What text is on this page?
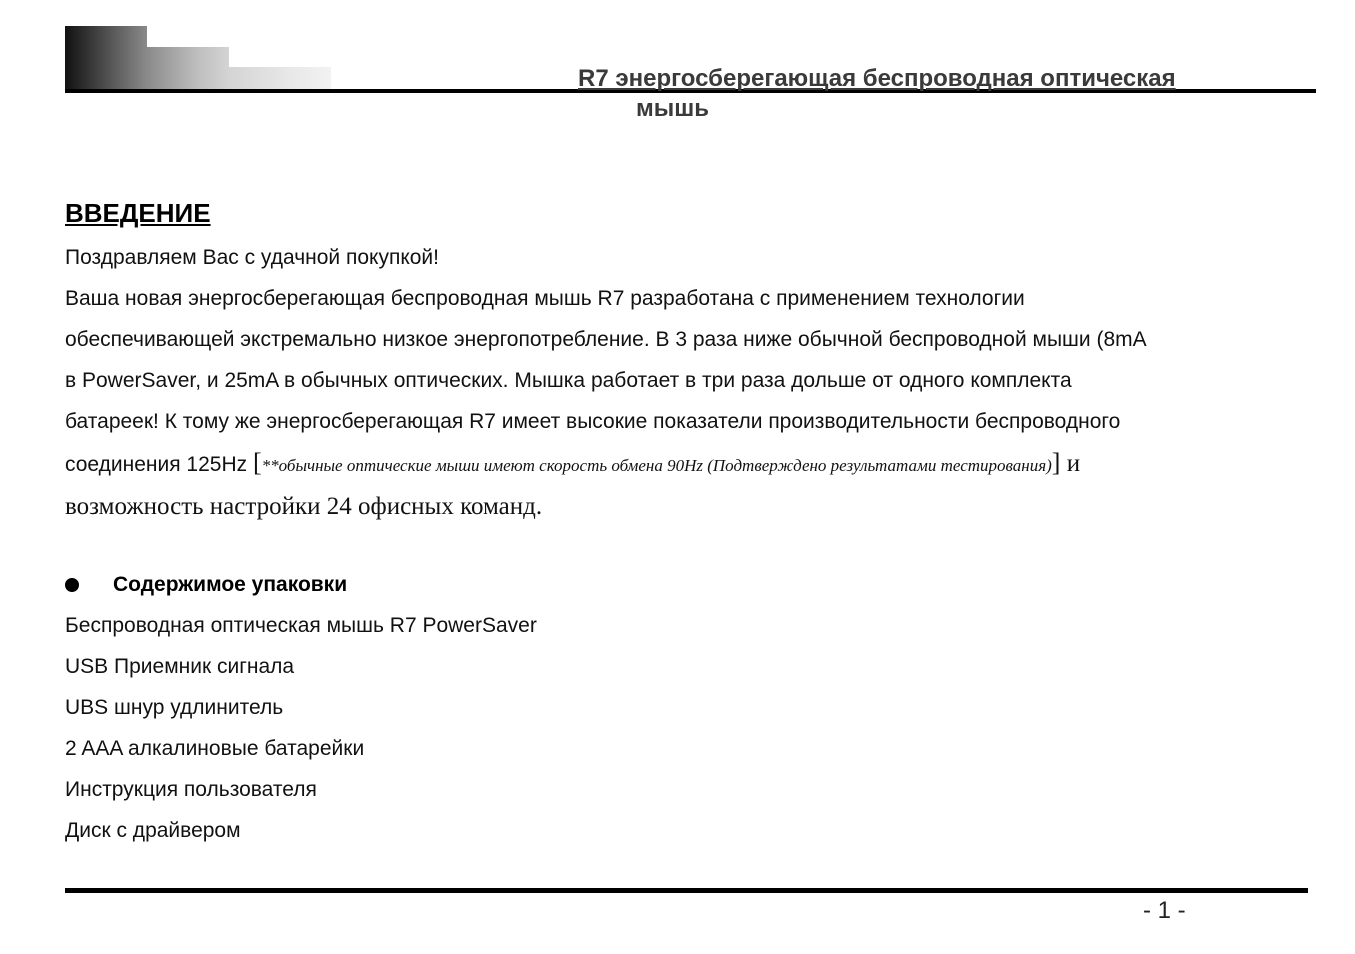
R7 энергосберегающая беспроводная оптическая
мышь
ВВЕДЕНИЕ

Поздравляем Вас с удачной покупкой!

Ваша новая энергосберегающая беспроводная мышь R7 разработана с применением технологии

обеспечивающей экстремально низкое энергопотребление. В 3 раза ниже обычной беспроводной мыши (8mA

в PowerSaver, и 25mA в обычных оптических. Мышка работает в три раза дольше от одного комплекта

батареек! К тому же энергосберегающая R7 имеет высокие показатели производительности беспроводного

соединения 125Hz [**обычные оптические мыши имеют скорость обмена 90Hz (Подтверждено результатами тестирования)] и

возможность настройки 24 офисных команд.

Содержимое упаковки
Беспроводная оптическая мышь R7 PowerSaver
USB Приемник сигнала
UBS шнур удлинитель
2 AAA алкалиновые батарейки
Инструкция пользователя
Диск с драйвером
- 1 -
